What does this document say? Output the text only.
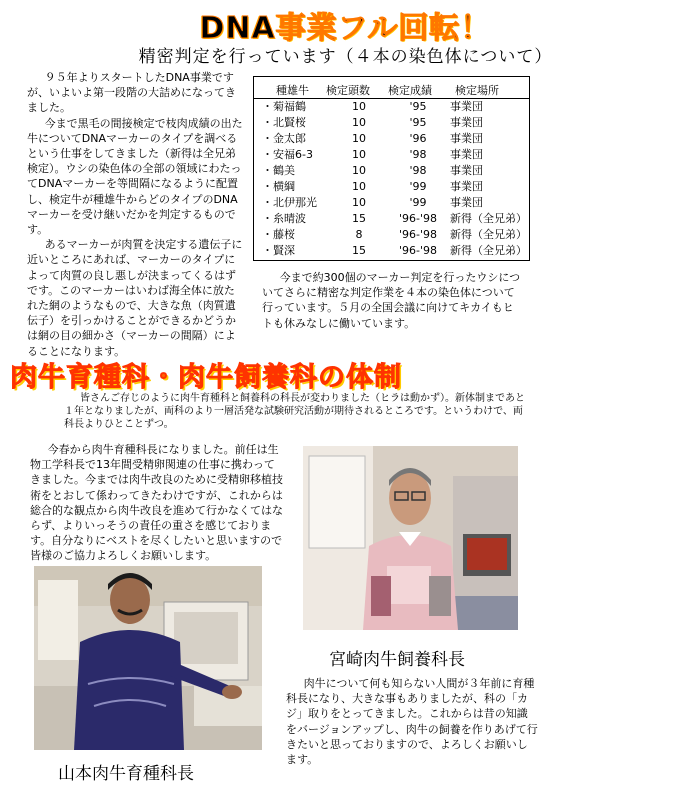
DNA事業フル回転！
精密判定を行っています（４本の染色体について）

９５年よりスタートしたDNA事業ですが、いよいよ第一段階の大詰めになってきました。

今まで黒毛の間接検定で枝肉成績の出た牛についてDNAマーカーのタイプを調べるという仕事をしてきました（新得は全兄弟検定）。ウシの染色体の全部の領域にわたってDNAマーカーを等間隔になるように配置し、検定牛が種雄牛からどのタイプのDNAマーカーを受け継いだかを判定するものです。

あるマーカーが肉質を決定する遺伝子に近いところにあれば、マーカーのタイプによって肉質の良し悪しが決まってくるはずです。このマーカーはいわば海全体に放たれた網のようなもので、大きな魚（肉質遺伝子）を引っかけることができるかどうかは網の目の細かさ（マーカーの間隔）によることになります。

種雄牛 検定頭数 検定成績 検定場所
・菊福鶴	10	'95	事業団
・北賢桜	10	'95	事業団
・金太郎	10	'96	事業団
・安福6-3	10	'98	事業団
・鶴美	10	'98	事業団
・横綱	10	'99	事業団
・北伊那光	10	'99	事業団
・糸晴波	15	'96-'98	新得（全兄弟）
・藤桜	8	'96-'98	新得（全兄弟）
・賢深	15	'96-'98	新得（全兄弟）

今まで約300個のマーカー判定を行ったウシについてさらに精密な判定作業を４本の染色体について行っています。５月の全国会議に向けてキカイもヒトも休みなしに働いています。

肉牛育種科・肉牛飼養科の体制

皆さんご存じのように肉牛育種科と飼養科の科長が変わりました（ヒラは動かず）。新体制まであと１年となりましたが、両科のより一層活発な試験研究活動が期待されるところです。というわけで、両科長よりひとことずつ。

今春から肉牛育種科長になりました。前任は生物工学科長で13年間受精卵関連の仕事に携わってきました。今までは肉牛改良のために受精卵移植技術をとおして係わってきたわけですが、これからは総合的な観点から肉牛改良を進めて行かなくてはならず、よりいっそうの責任の重さを感じております。自分なりにベストを尽くしたいと思いますので皆様のご協力よろしくお願いします。

宮崎肉牛飼養科長

肉牛について何も知らない人間が３年前に育種科長になり、大きな事もありましたが、科の「カジ」取りをとってきました。これからは昔の知識をバージョンアップし、肉牛の飼養を作りあげて行きたいと思っておりますので、よろしくお願いします。

山本肉牛育種科長
